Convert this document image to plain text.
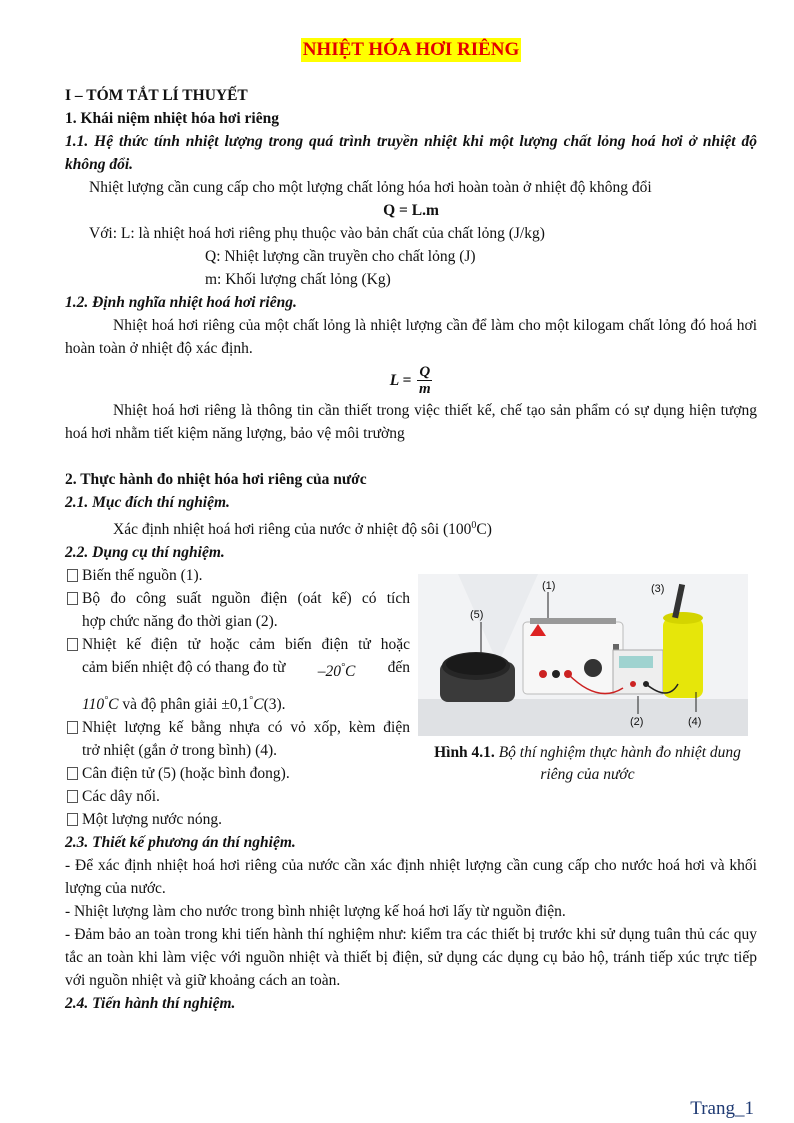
NHIỆT HÓA HƠI RIÊNG
I – TÓM TẮT LÍ THUYẾT
1. Khái niệm nhiệt hóa hơi riêng
1.1. Hệ thức tính nhiệt lượng trong quá trình truyền nhiệt khi một lượng chất lỏng hoá hơi ở nhiệt độ không đổi.
Nhiệt lượng cần cung cấp cho một lượng chất lỏng hóa hơi hoàn toàn ở nhiệt độ không đổi
Q = L.m
Với: L: là nhiệt hoá hơi riêng phụ thuộc vào bản chất của chất lỏng (J/kg)
Q: Nhiệt lượng cần truyền cho chất lỏng (J)
m: Khối lượng chất lỏng (Kg)
1.2. Định nghĩa nhiệt hoá hơi riêng.
Nhiệt hoá hơi riêng của một chất lỏng là nhiệt lượng cần để làm cho một kilogam chất lỏng đó hoá hơi hoàn toàn ở nhiệt độ xác định.
$L = \frac{Q}{m}$
Nhiệt hoá hơi riêng là thông tin cần thiết trong việc thiết kế, chế tạo sản phẩm có sự dụng hiện tượng hoá hơi nhằm tiết kiệm năng lượng, bảo vệ môi trường
2. Thực hành đo nhiệt hóa hơi riêng của nước
2.1. Mục đích thí nghiệm.
Xác định nhiệt hoá hơi riêng của nước ở nhiệt độ sôi $(100^0C)$
2.2. Dụng cụ thí nghiệm.
Biến thế nguồn (1).
Bộ đo công suất nguồn điện (oát kế) có tích
hợp chức năng đo thời gian (2).
Nhiệt kế điện tử hoặc cảm biến điện tử hoặc
cảm biến nhiệt độ có thang đo từ –20°C đến
110°C và độ phân giải ±0,1°C(3).
Nhiệt lượng kế bằng nhựa có vỏ xốp, kèm điện
trở nhiệt (gắn ở trong bình) (4).
Cân điện tử (5) (hoặc bình đong).
Các dây nối.
Một lượng nước nóng.
(5)
(1)	(3)
(2)	(4)
Hình 4.1. Bộ thí nghiệm thực hành đo nhiệt dung riêng của nước
2.3. Thiết kế phương án thí nghiệm.
- Để xác định nhiệt hoá hơi riêng của nước cần xác định nhiệt lượng cần cung cấp cho nước hoá hơi và khối lượng của nước.
- Nhiệt lượng làm cho nước trong bình nhiệt lượng kế hoá hơi lấy từ nguồn điện.
- Đảm bảo an toàn trong khi tiến hành thí nghiệm như: kiểm tra các thiết bị trước khi sử dụng tuân thủ các quy tắc an toàn khi làm việc với nguồn nhiệt và thiết bị điện, sử dụng các dụng cụ bảo hộ, tránh tiếp xúc trực tiếp với nguồn nhiệt và giữ khoảng cách an toàn.
2.4. Tiến hành thí nghiệm.
Trang_1
